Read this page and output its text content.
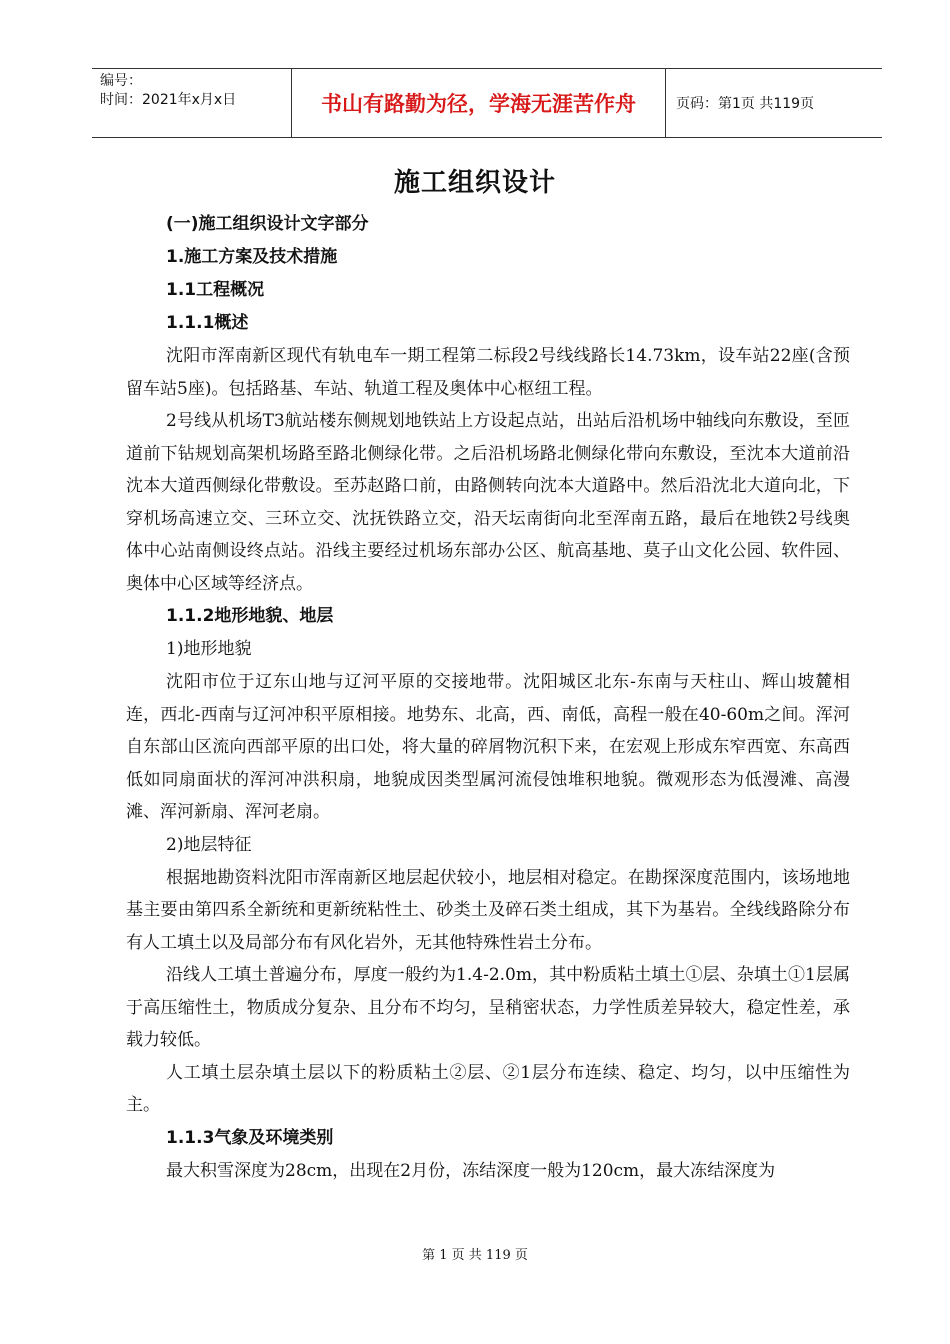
编号：
时间：2021年x月x日	书山有路勤为径，学海无涯苦作舟	页码：第1页 共119页
施工组织设计
(一)施工组织设计文字部分
1.施工方案及技术措施
1.1工程概况
1.1.1概述

沈阳市浑南新区现代有轨电车一期工程第二标段2号线线路长14.73km，设车站22座(含预留车站5座)。包括路基、车站、轨道工程及奥体中心枢纽工程。

2号线从机场T3航站楼东侧规划地铁站上方设起点站，出站后沿机场中轴线向东敷设，至匝道前下钻规划高架机场路至路北侧绿化带。之后沿机场路北侧绿化带向东敷设，至沈本大道前沿沈本大道西侧绿化带敷设。至苏赵路口前，由路侧转向沈本大道路中。然后沿沈北大道向北，下穿机场高速立交、三环立交、沈抚铁路立交，沿天坛南街向北至浑南五路，最后在地铁2号线奥体中心站南侧设终点站。沿线主要经过机场东部办公区、航高基地、莫子山文化公园、软件园、奥体中心区域等经济点。

1.1.2地形地貌、地层
1)地形地貌

沈阳市位于辽东山地与辽河平原的交接地带。沈阳城区北东-东南与天柱山、辉山坡麓相连，西北-西南与辽河冲积平原相接。地势东、北高，西、南低，高程一般在40-60m之间。浑河自东部山区流向西部平原的出口处，将大量的碎屑物沉积下来，在宏观上形成东窄西宽、东高西低如同扇面状的浑河冲洪积扇，地貌成因类型属河流侵蚀堆积地貌。微观形态为低漫滩、高漫滩、浑河新扇、浑河老扇。

2)地层特征

根据地勘资料沈阳市浑南新区地层起伏较小，地层相对稳定。在勘探深度范围内，该场地地基主要由第四系全新统和更新统粘性土、砂类土及碎石类土组成，其下为基岩。全线线路除分布有人工填土以及局部分布有风化岩外，无其他特殊性岩土分布。

沿线人工填土普遍分布，厚度一般约为1.4-2.0m，其中粉质粘土填土①层、杂填土①1层属于高压缩性土，物质成分复杂、且分布不均匀，呈稍密状态，力学性质差异较大，稳定性差，承载力较低。

人工填土层杂填土层以下的粉质粘土②层、②1层分布连续、稳定、均匀，以中压缩性为主。

1.1.3气象及环境类别

最大积雪深度为28cm，出现在2月份，冻结深度一般为120cm，最大冻结深度为

第 1 页 共 119 页
